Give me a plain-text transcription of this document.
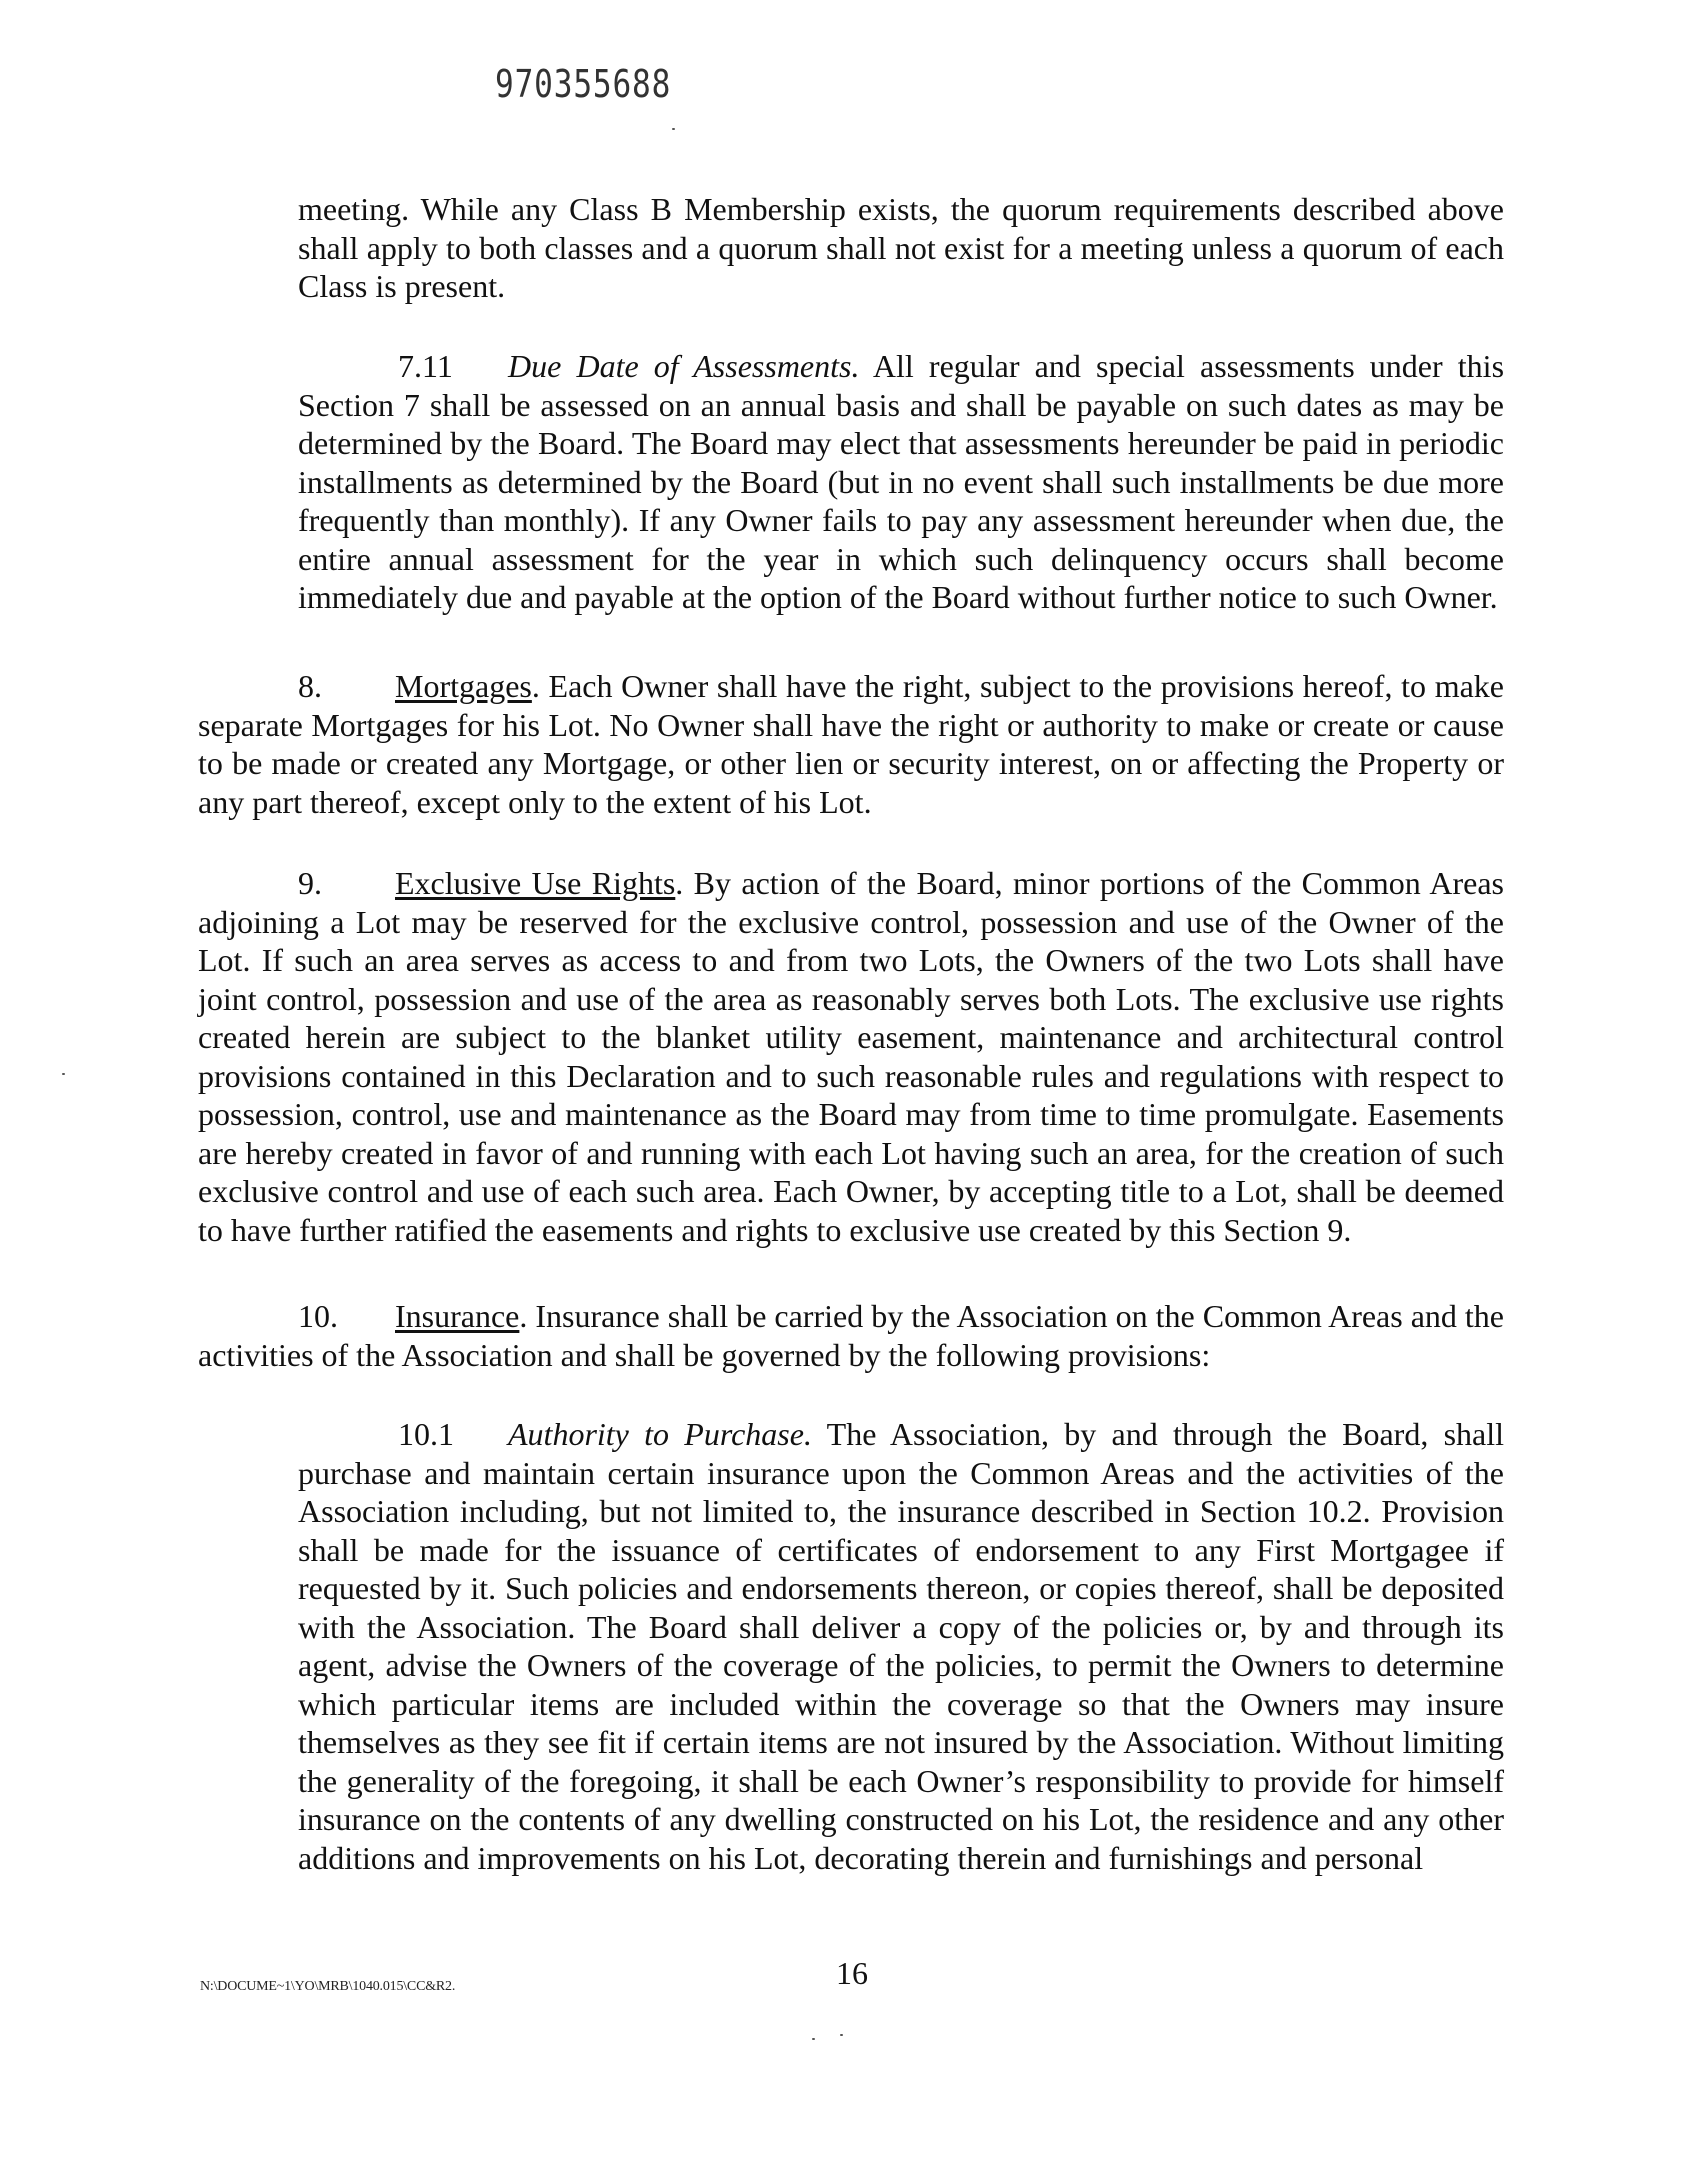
970355688

meeting. While any Class B Membership exists, the quorum requirements described above shall apply to both classes and a quorum shall not exist for a meeting unless a quorum of each Class is present.

7.11 Due Date of Assessments. All regular and special assessments under this Section 7 shall be assessed on an annual basis and shall be payable on such dates as may be determined by the Board. The Board may elect that assessments hereunder be paid in periodic installments as determined by the Board (but in no event shall such installments be due more frequently than monthly). If any Owner fails to pay any assessment hereunder when due, the entire annual assessment for the year in which such delinquency occurs shall become immediately due and payable at the option of the Board without further notice to such Owner.

8. Mortgages. Each Owner shall have the right, subject to the provisions hereof, to make separate Mortgages for his Lot. No Owner shall have the right or authority to make or create or cause to be made or created any Mortgage, or other lien or security interest, on or affecting the Property or any part thereof, except only to the extent of his Lot.

9. Exclusive Use Rights. By action of the Board, minor portions of the Common Areas adjoining a Lot may be reserved for the exclusive control, possession and use of the Owner of the Lot. If such an area serves as access to and from two Lots, the Owners of the two Lots shall have joint control, possession and use of the area as reasonably serves both Lots. The exclusive use rights created herein are subject to the blanket utility easement, maintenance and architectural control provisions contained in this Declaration and to such reasonable rules and regulations with respect to possession, control, use and maintenance as the Board may from time to time promulgate. Easements are hereby created in favor of and running with each Lot having such an area, for the creation of such exclusive control and use of each such area. Each Owner, by accepting title to a Lot, shall be deemed to have further ratified the easements and rights to exclusive use created by this Section 9.

10. Insurance. Insurance shall be carried by the Association on the Common Areas and the activities of the Association and shall be governed by the following provisions:

10.1 Authority to Purchase. The Association, by and through the Board, shall purchase and maintain certain insurance upon the Common Areas and the activities of the Association including, but not limited to, the insurance described in Section 10.2. Provision shall be made for the issuance of certificates of endorsement to any First Mortgagee if requested by it. Such policies and endorsements thereon, or copies thereof, shall be deposited with the Association. The Board shall deliver a copy of the policies or, by and through its agent, advise the Owners of the coverage of the policies, to permit the Owners to determine which particular items are included within the coverage so that the Owners may insure themselves as they see fit if certain items are not insured by the Association. Without limiting the generality of the foregoing, it shall be each Owner’s responsibility to provide for himself insurance on the contents of any dwelling constructed on his Lot, the residence and any other additions and improvements on his Lot, decorating therein and furnishings and personal

16
N:\DOCUME~1\YO\MRB\1040.015\CC&R2.
